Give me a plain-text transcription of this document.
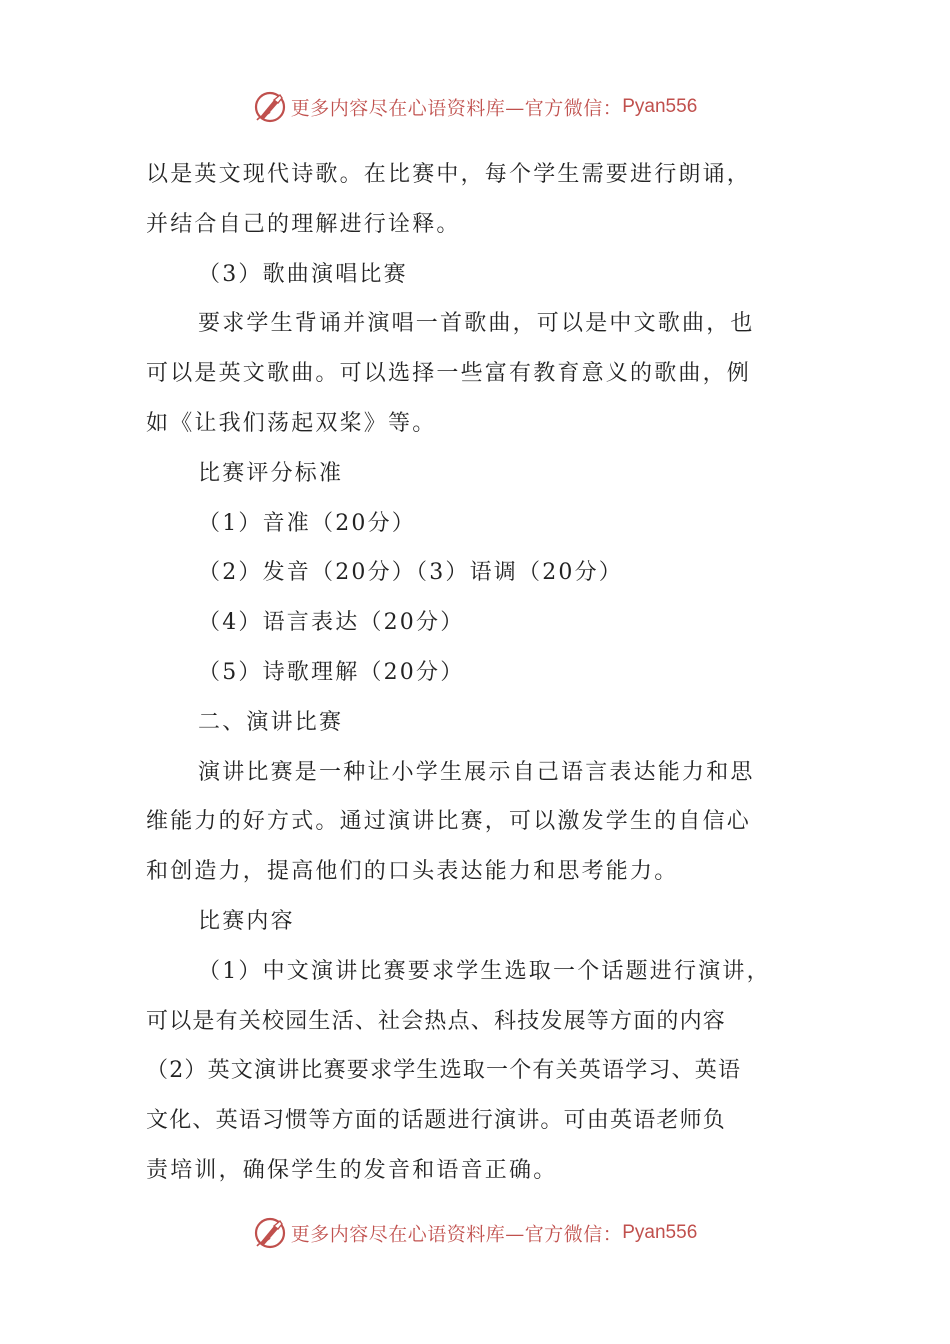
更多内容尽在心语资料库—官方微信：Pyan556
以是英文现代诗歌。在比赛中，每个学生需要进行朗诵，
并结合自己的理解进行诠释。
（3）歌曲演唱比赛
要求学生背诵并演唱一首歌曲，可以是中文歌曲，也
可以是英文歌曲。可以选择一些富有教育意义的歌曲，例
如《让我们荡起双桨》等。
比赛评分标准
（1）音准（20分）
（2）发音（20分）（3）语调（20分）
（4）语言表达（20分）
（5）诗歌理解（20分）
二、演讲比赛
演讲比赛是一种让小学生展示自己语言表达能力和思
维能力的好方式。通过演讲比赛，可以激发学生的自信心
和创造力，提高他们的口头表达能力和思考能力。
比赛内容
（1）中文演讲比赛要求学生选取一个话题进行演讲，
可以是有关校园生活、社会热点、科技发展等方面的内容
（2）英文演讲比赛要求学生选取一个有关英语学习、英语
文化、英语习惯等方面的话题进行演讲。可由英语老师负
责培训，确保学生的发音和语音正确。
更多内容尽在心语资料库—官方微信：Pyan556
